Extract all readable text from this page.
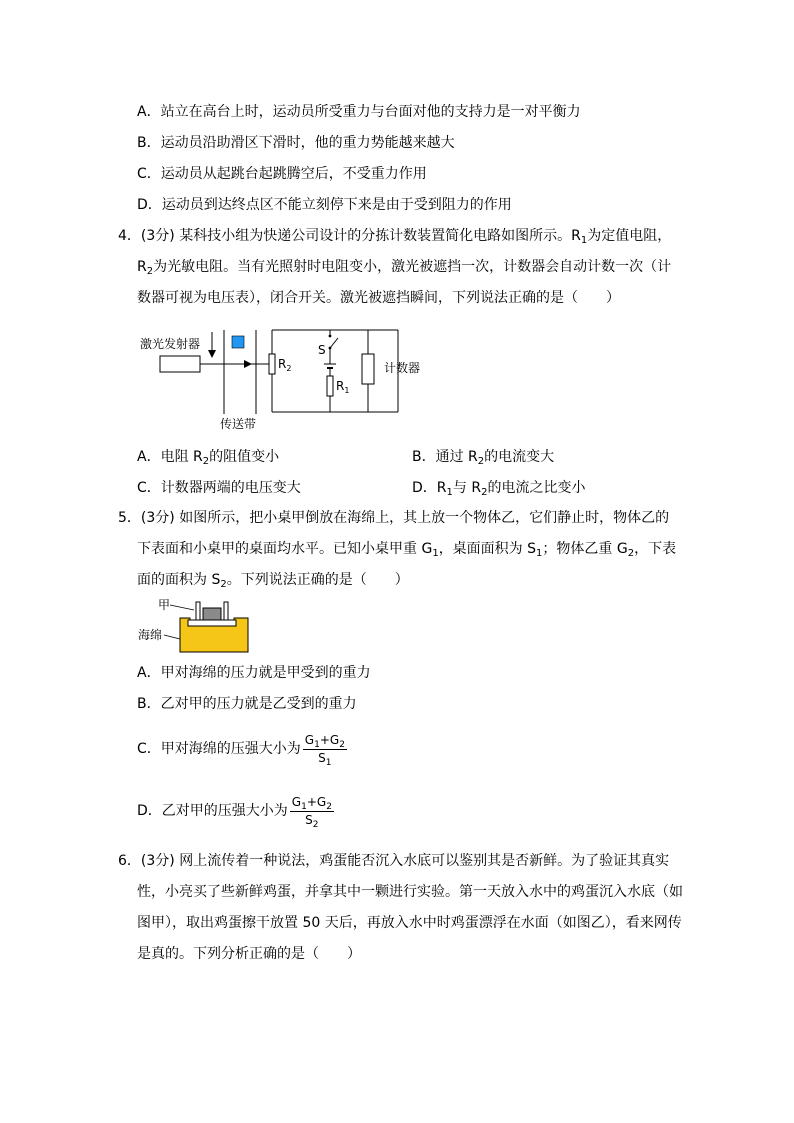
A．站立在高台上时，运动员所受重力与台面对他的支持力是一对平衡力
B．运动员沿助滑区下滑时，他的重力势能越来越大
C．运动员从起跳台起跳腾空后，不受重力作用
D．运动员到达终点区不能立刻停下来是由于受到阻力的作用
4．(3分) 某科技小组为快递公司设计的分拣计数装置简化电路如图所示。$R_1$为定值电阻，
$R_2$为光敏电阻。当有光照射时电阻变小，激光被遮挡一次，计数器会自动计数一次（计
数器可视为电压表），闭合开关。激光被遮挡瞬间，下列说法正确的是（　　）
激光发射器
$R_2$
S
$R_1$
计数器
传送带
A．电阻 $R_2$的阻值变小	B．通过 $R_2$的电流变大
C．计数器两端的电压变大	D．$R_1$与 $R_2$的电流之比变小
5．(3分) 如图所示，把小桌甲倒放在海绵上，其上放一个物体乙，它们静止时，物体乙的
下表面和小桌甲的桌面均水平。已知小桌甲重 $G_1$，桌面面积为 $S_1$；物体乙重 $G_2$，下表
面的面积为 $S_2$。下列说法正确的是（　　）
甲
海绵
A．甲对海绵的压力就是甲受到的重力
B．乙对甲的压力就是乙受到的重力
C．甲对海绵的压强大小为 $\frac{G_1+G_2}{S_1}$
D．乙对甲的压强大小为 $\frac{G_1+G_2}{S_2}$
6．(3分) 网上流传着一种说法，鸡蛋能否沉入水底可以鉴别其是否新鲜。为了验证其真实
性，小亮买了些新鲜鸡蛋，并拿其中一颗进行实验。第一天放入水中的鸡蛋沉入水底（如
图甲），取出鸡蛋擦干放置 50 天后，再放入水中时鸡蛋漂浮在水面（如图乙），看来网传
是真的。下列分析正确的是（　　）
